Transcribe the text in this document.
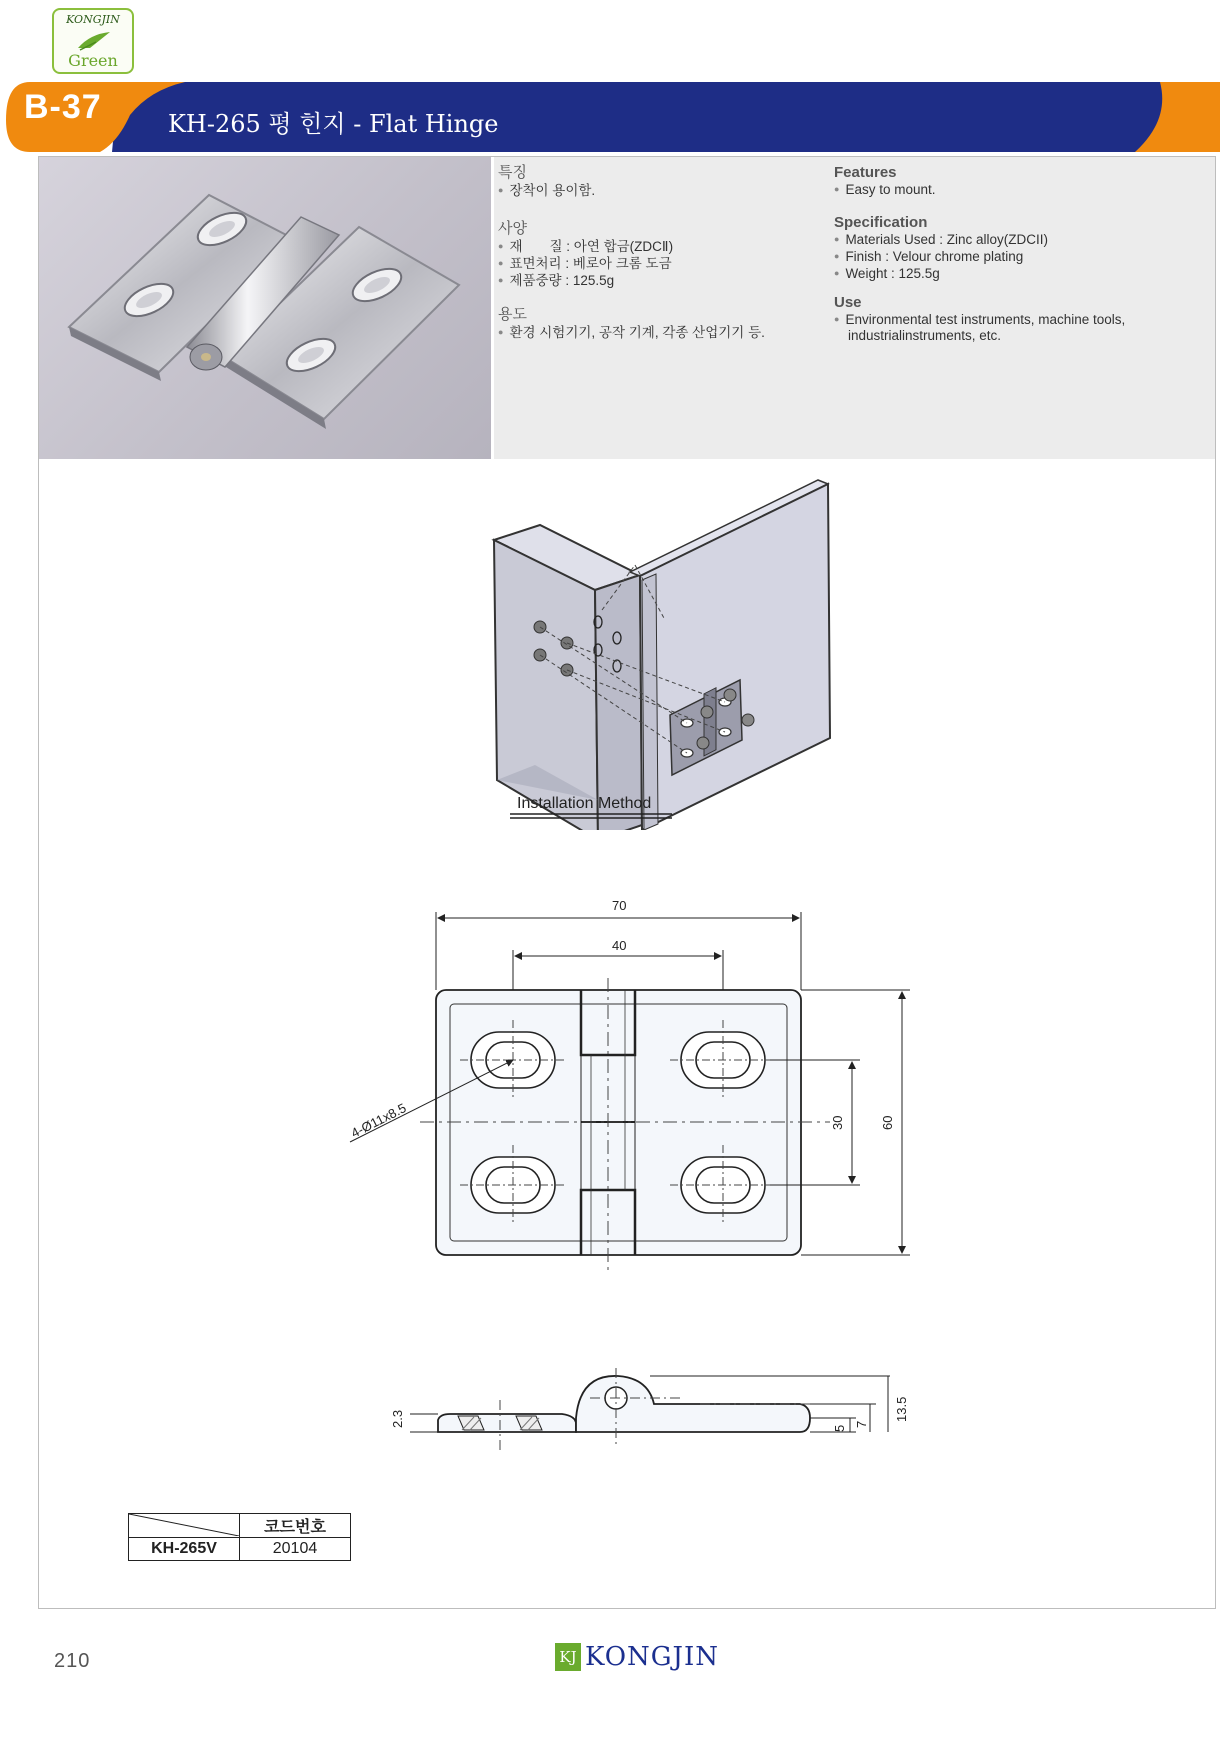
KONGJIN
Green
B-37	KH-265 평 힌지 - Flat Hinge
특징
● 장착이 용이함.
사양
● 재　　질 : 아연 합금(ZDCⅡ)
● 표면처리 : 베로아 크롬 도금
● 제품중량 : 125.5g
용도
● 환경 시험기기, 공작 기계, 각종 산업기기 등.
Features
● Easy to mount.
Specification
● Materials Used : Zinc alloy(ZDCII)
● Finish : Velour chrome plating
● Weight : 125.5g
Use
● Environmental test instruments, machine tools,
industrialinstruments, etc.
Installation Method
70
40
4-Ø11x8.5	30	60
2.3
5
7
13.5
	코드번호
KH-265V	20104
210	KJ KONGJIN
